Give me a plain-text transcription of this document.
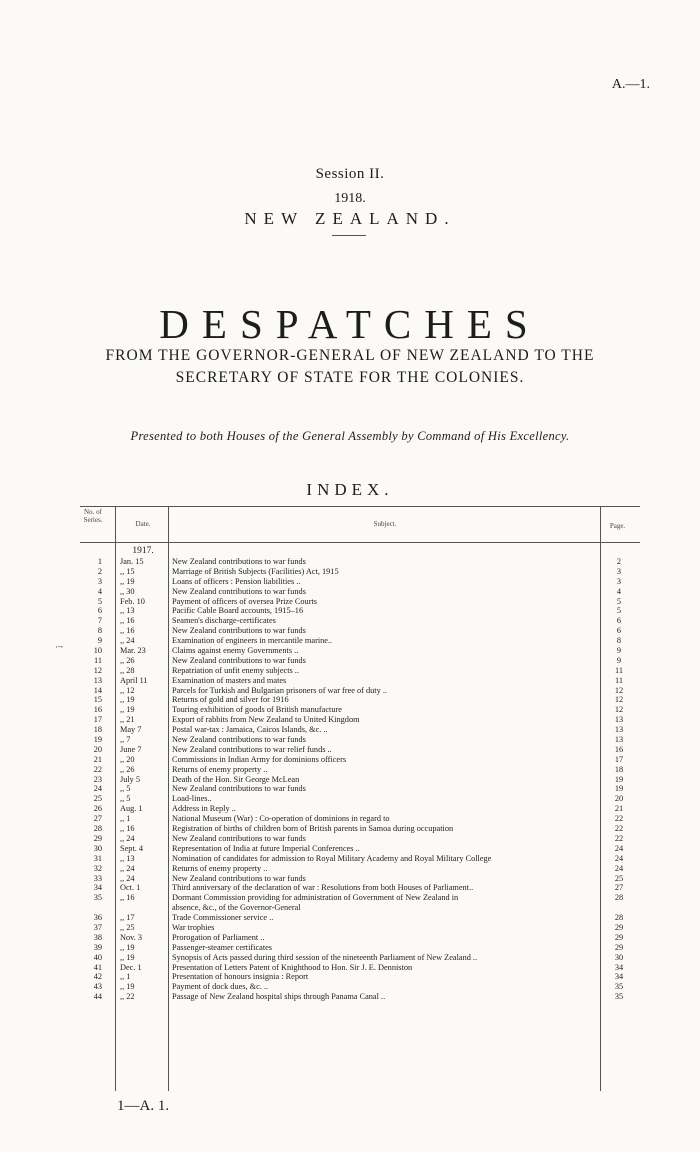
A.—1.
Session II.
1918.
NEW ZEALAND.
DESPATCHES
FROM THE GOVERNOR-GENERAL OF NEW ZEALAND TO THE
SECRETARY OF STATE FOR THE COLONIES.
Presented to both Houses of the General Assembly by Command of His Excellency.
INDEX.
No. of Series.	Date.	Subject.	Page.
1917.
1 Jan. 15	New Zealand contributions to war funds	2
2 ,, 15	Marriage of British Subjects (Facilities) Act, 1915	3
3 ,, 19	Loans of officers : Pension liabilities ..	3
4 ,, 30	New Zealand contributions to war funds	4
5 Feb. 10	Payment of officers of oversea Prize Courts	5
6 ,, 13	Pacific Cable Board accounts, 1915–16	5
7 ,, 16	Seamen's discharge-certificates	6
8 ,, 16	New Zealand contributions to war funds	6
9 ,, 24	Examination of engineers in mercantile marine..	8
10 Mar. 23	Claims against enemy Governments ..	9
11 ,, 26	New Zealand contributions to war funds	9
12 ,, 28	Repatriation of unfit enemy subjects ..	11
13 April 11	Examination of masters and mates	11
14 ,, 12	Parcels for Turkish and Bulgarian prisoners of war free of duty ..	12
15 ,, 19	Returns of gold and silver for 1916	12
16 ,, 19	Touring exhibition of goods of British manufacture	12
17 ,, 21	Export of rabbits from New Zealand to United Kingdom	13
18 May 7	Postal war-tax : Jamaica, Caicos Islands, &c. ..	13
19 ,, 7	New Zealand contributions to war funds	13
20 June 7	New Zealand contributions to war relief funds ..	16
21 ,, 20	Commissions in Indian Army for dominions officers	17
22 ,, 26	Returns of enemy property ..	18
23 July 5	Death of the Hon. Sir George McLean	19
24 ,, 5	New Zealand contributions to war funds	19
25 ,, 5	Load-lines..	20
26 Aug. 1	Address in Reply ..	21
27 ,, 1	National Museum (War) : Co-operation of dominions in regard to	22
28 ,, 16	Registration of births of children born of British parents in Samoa during occupation	22
29 ,, 24	New Zealand contributions to war funds	22
30 Sept. 4	Representation of India at future Imperial Conferences ..	24
31 ,, 13	Nomination of candidates for admission to Royal Military Academy and Royal Military College	24
32 ,, 24	Returns of enemy property ..	24
33 ,, 24	New Zealand contributions to war funds	25
34 Oct. 1	Third anniversary of the declaration of war : Resolutions from both Houses of Parliament..	27
35 ,, 16	Dormant Commission providing for administration of Government of New Zealand in	28
absence, &c., of the Governor-General
36 ,, 17	Trade Commissioner service ..	28
37 ,, 25	War trophies	29
38 Nov. 3	Prorogation of Parliament ..	29
39 ,, 19	Passenger-steamer certificates	29
40 ,, 19	Synopsis of Acts passed during third session of the nineteenth Parliament of New Zealand ..	30
41 Dec. 1	Presentation of Letters Patent of Knighthood to Hon. Sir J. E. Denniston	34
42 ,, 1	Presentation of honours insignia : Report	34
43 ,, 19	Payment of dock dues, &c. ..	35
44 ,, 22	Passage of New Zealand hospital ships through Panama Canal ..	35
⋅ ̶⋅
1—A. 1.
